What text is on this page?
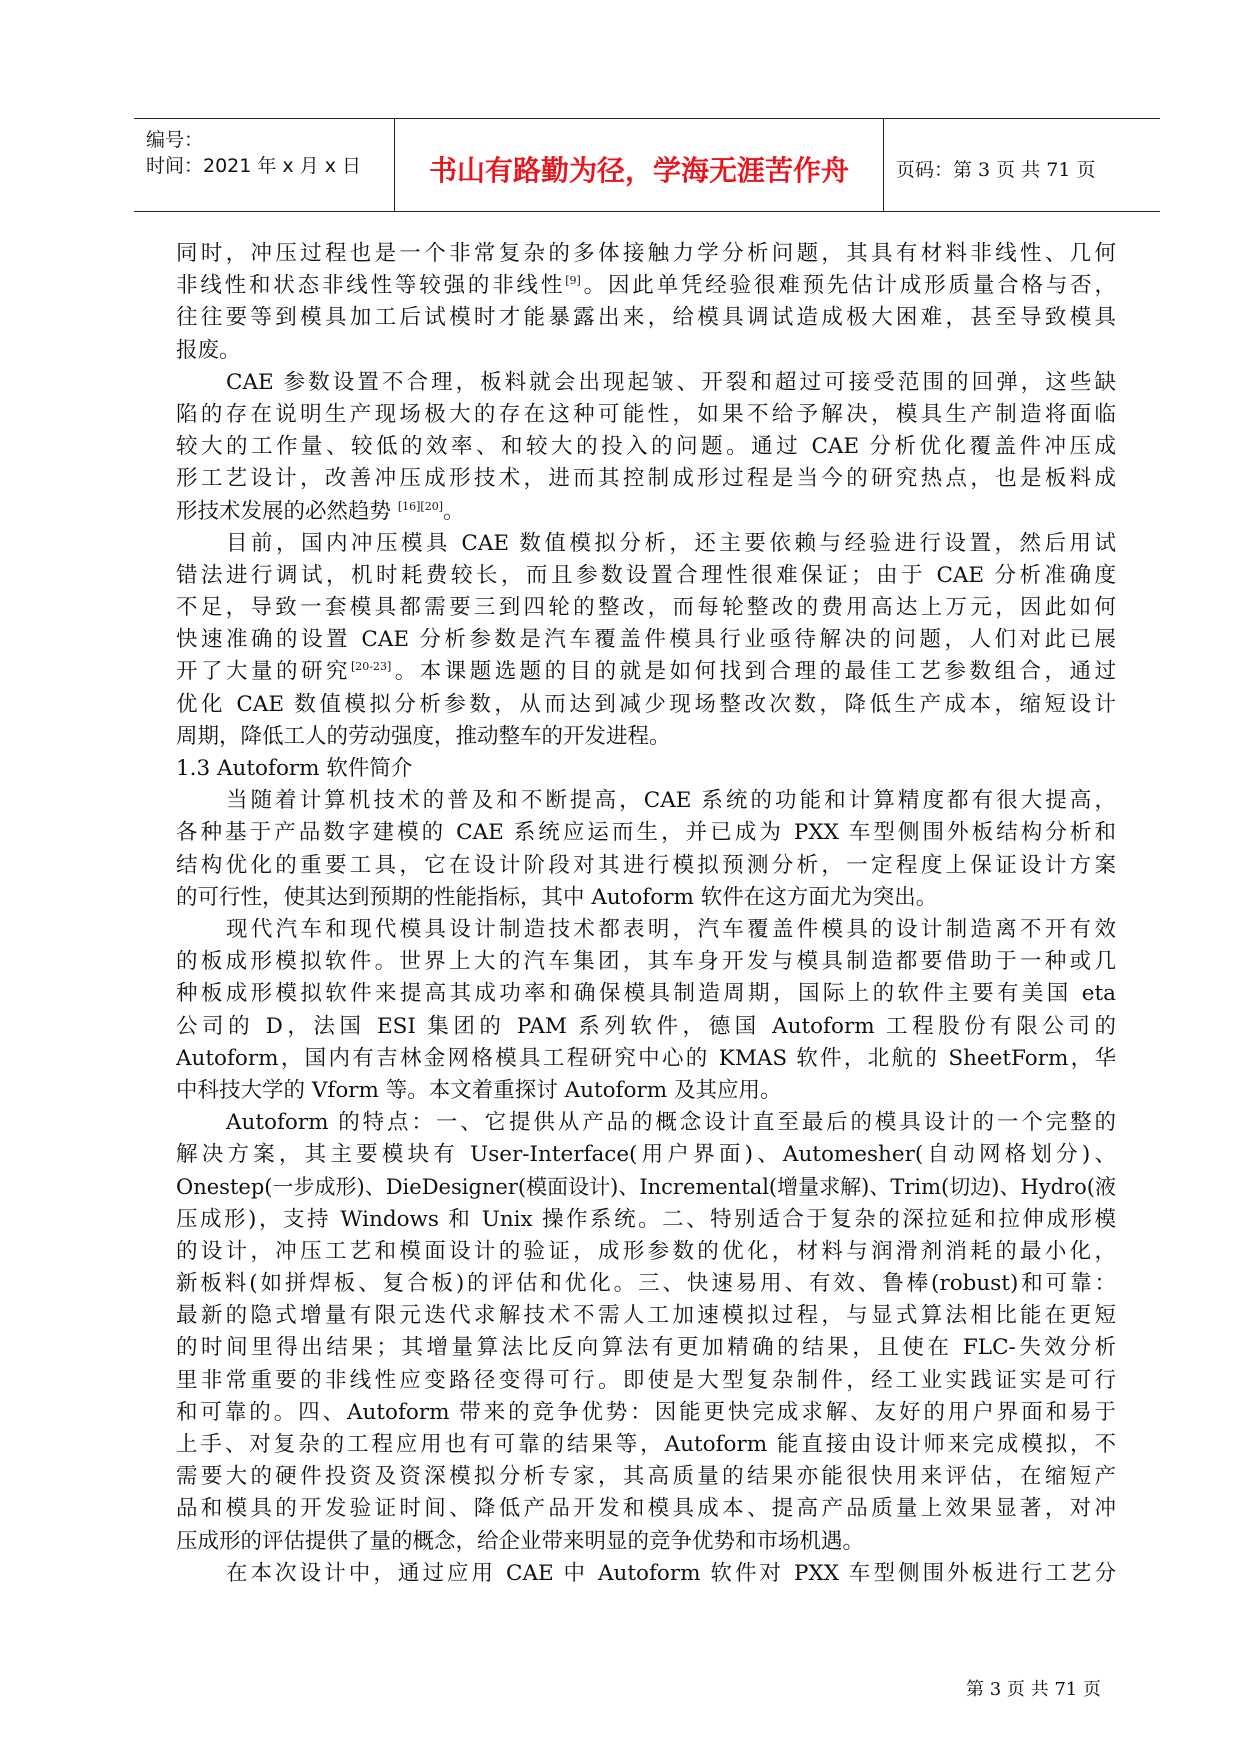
编号：
时间：2021 年 x 月 x 日	书山有路勤为径，学海无涯苦作舟	页码：第 3 页 共 71 页
同时，冲压过程也是一个非常复杂的多体接触力学分析问题，其具有材料非线性、几何
非线性和状态非线性等较强的非线性[9]。因此单凭经验很难预先估计成形质量合格与否，
往往要等到模具加工后试模时才能暴露出来，给模具调试造成极大困难，甚至导致模具
报废。
CAE 参数设置不合理，板料就会出现起皱、开裂和超过可接受范围的回弹，这些缺
陷的存在说明生产现场极大的存在这种可能性，如果不给予解决，模具生产制造将面临
较大的工作量、较低的效率、和较大的投入的问题。通过 CAE 分析优化覆盖件冲压成
形工艺设计，改善冲压成形技术，进而其控制成形过程是当今的研究热点，也是板料成
形技术发展的必然趋势 [16][20]。
目前，国内冲压模具 CAE 数值模拟分析，还主要依赖与经验进行设置，然后用试
错法进行调试，机时耗费较长，而且参数设置合理性很难保证；由于 CAE 分析准确度
不足，导致一套模具都需要三到四轮的整改，而每轮整改的费用高达上万元，因此如何
快速准确的设置 CAE 分析参数是汽车覆盖件模具行业亟待解决的问题，人们对此已展
开了大量的研究[20-23]。本课题选题的目的就是如何找到合理的最佳工艺参数组合，通过
优化 CAE 数值模拟分析参数，从而达到减少现场整改次数，降低生产成本，缩短设计
周期，降低工人的劳动强度，推动整车的开发进程。
1.3 Autoform 软件简介
当随着计算机技术的普及和不断提高，CAE 系统的功能和计算精度都有很大提高，
各种基于产品数字建模的 CAE 系统应运而生，并已成为 PXX 车型侧围外板结构分析和
结构优化的重要工具，它在设计阶段对其进行模拟预测分析，一定程度上保证设计方案
的可行性，使其达到预期的性能指标，其中 Autoform 软件在这方面尤为突出。
现代汽车和现代模具设计制造技术都表明，汽车覆盖件模具的设计制造离不开有效
的板成形模拟软件。世界上大的汽车集团，其车身开发与模具制造都要借助于一种或几
种板成形模拟软件来提高其成功率和确保模具制造周期，国际上的软件主要有美国 eta
公司的 D，法国 ESI 集团的 PAM 系列软件，德国 Autoform 工程股份有限公司的
Autoform，国内有吉林金网格模具工程研究中心的 KMAS 软件，北航的 SheetForm，华
中科技大学的 Vform 等。本文着重探讨 Autoform 及其应用。
Autoform 的特点：一、它提供从产品的概念设计直至最后的模具设计的一个完整的
解决方案，其主要模块有 User-Interface(用户界面)、Automesher(自动网格划分)、
Onestep(一步成形)、DieDesigner(模面设计)、Incremental(增量求解)、Trim(切边)、Hydro(液
压成形)，支持 Windows 和 Unix 操作系统。二、特别适合于复杂的深拉延和拉伸成形模
的设计，冲压工艺和模面设计的验证，成形参数的优化，材料与润滑剂消耗的最小化，
新板料(如拼焊板、复合板)的评估和优化。三、快速易用、有效、鲁棒(robust)和可靠：
最新的隐式增量有限元迭代求解技术不需人工加速模拟过程，与显式算法相比能在更短
的时间里得出结果；其增量算法比反向算法有更加精确的结果，且使在 FLC-失效分析
里非常重要的非线性应变路径变得可行。即使是大型复杂制件，经工业实践证实是可行
和可靠的。四、Autoform 带来的竞争优势：因能更快完成求解、友好的用户界面和易于
上手、对复杂的工程应用也有可靠的结果等，Autoform 能直接由设计师来完成模拟，不
需要大的硬件投资及资深模拟分析专家，其高质量的结果亦能很快用来评估，在缩短产
品和模具的开发验证时间、降低产品开发和模具成本、提高产品质量上效果显著，对冲
压成形的评估提供了量的概念，给企业带来明显的竞争优势和市场机遇。
在本次设计中，通过应用 CAE 中 Autoform 软件对 PXX 车型侧围外板进行工艺分
第 3 页 共 71 页
